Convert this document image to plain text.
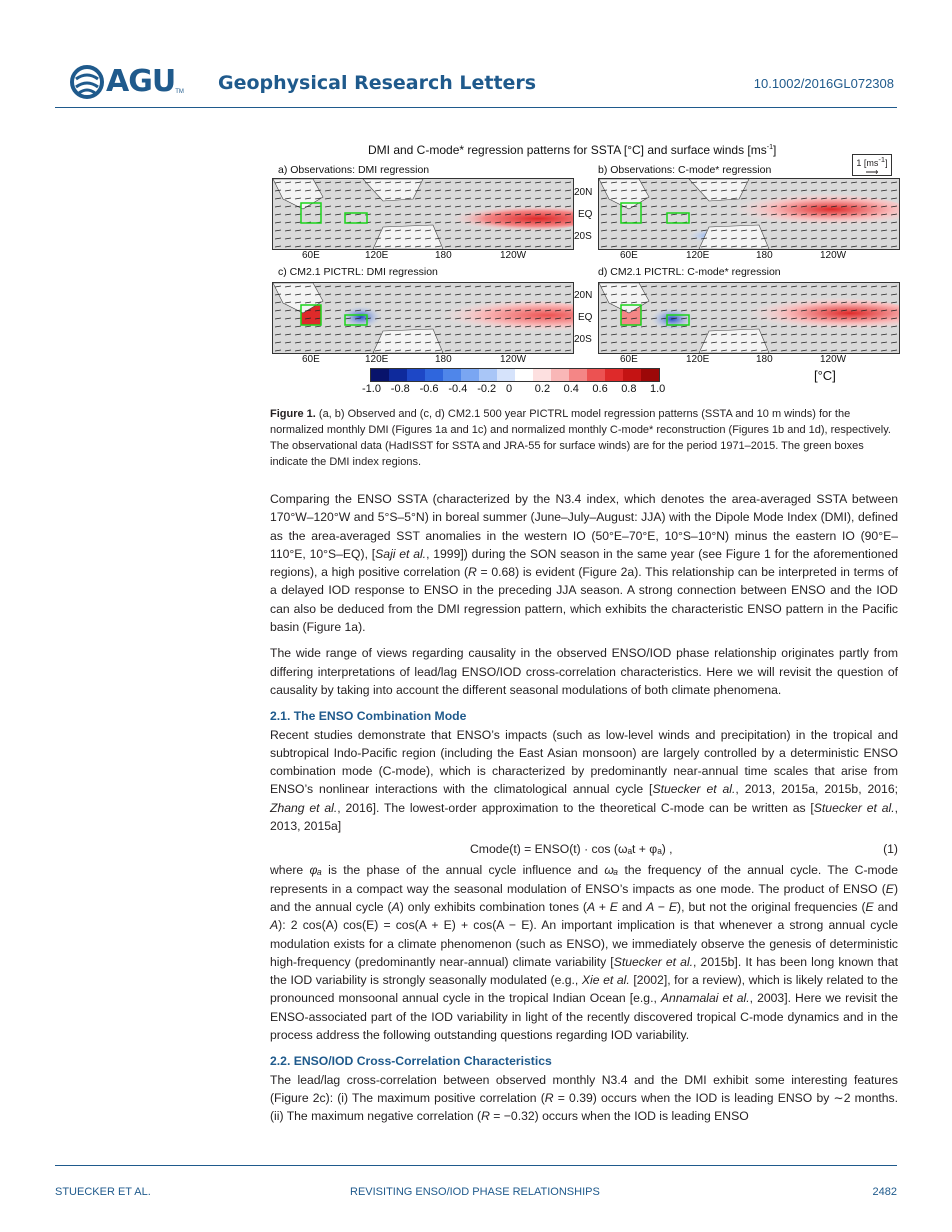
AGU TM Geophysical Research Letters	10.1002/2016GL072308
DMI and C-mode* regression patterns for SSTA [°C] and surface winds $[ms^{-1}]$
1 $[ms^{-1}]$
⟶
a) Observations: DMI regression	b) Observations: C-mode* regression
c) CM2.1 PICTRL: DMI regression	d) CM2.1 PICTRL: C-mode* regression
20N
EQ
20S
20N
EQ
20S
60E	120E	180	120W	60E	120E	180	120W
60E	120E	180	120W	60E	120E	180	120W
[°C]
-1.0 -0.8 -0.6 -0.4 -0.2 0 0.2 0.4 0.6 0.8 1.0
Figure 1. (a, b) Observed and (c, d) CM2.1 500 year PICTRL model regression patterns (SSTA and 10 m winds) for the normalized monthly DMI (Figures 1a and 1c) and normalized monthly C-mode* reconstruction (Figures 1b and 1d), respectively. The observational data (HadISST for SSTA and JRA-55 for surface winds) are for the period 1971–2015. The green boxes indicate the DMI index regions.

Comparing the ENSO SSTA (characterized by the N3.4 index, which denotes the area-averaged SSTA between 170°W–120°W and 5°S–5°N) in boreal summer (June–July–August: JJA) with the Dipole Mode Index (DMI), defined as the area-averaged SST anomalies in the western IO (50°E–70°E, 10°S–10°N) minus the eastern IO (90°E–110°E, 10°S–EQ), [Saji et al., 1999]) during the SON season in the same year (see Figure 1 for the aforementioned regions), a high positive correlation (R = 0.68) is evident (Figure 2a). This relationship can be interpreted in terms of a delayed IOD response to ENSO in the preceding JJA season. A strong connection between ENSO and the IOD can also be deduced from the DMI regression pattern, which exhibits the characteristic ENSO pattern in the Pacific basin (Figure 1a).

The wide range of views regarding causality in the observed ENSO/IOD phase relationship originates partly from differing interpretations of lead/lag ENSO/IOD cross-correlation characteristics. Here we will revisit the question of causality by taking into account the different seasonal modulations of both climate phenomena.

2.1. The ENSO Combination Mode

Recent studies demonstrate that ENSO’s impacts (such as low-level winds and precipitation) in the tropical and subtropical Indo-Pacific region (including the East Asian monsoon) are largely controlled by a deterministic ENSO combination mode (C-mode), which is characterized by predominantly near-annual time scales that arise from ENSO’s nonlinear interactions with the climatological annual cycle [Stuecker et al., 2013, 2015a, 2015b, 2016; Zhang et al., 2016]. The lowest-order approximation to the theoretical C-mode can be written as [Stuecker et al., 2013, 2015a]

Cmode(t) = ENSO(t) · cos (ωₐt + φₐ) ,	(1)

where φₐ is the phase of the annual cycle influence and ωₐ the frequency of the annual cycle. The C-mode represents in a compact way the seasonal modulation of ENSO’s impacts as one mode. The product of ENSO (E) and the annual cycle (A) only exhibits combination tones (A + E and A − E), but not the original frequencies (E and A): 2 cos(A) cos(E) = cos(A + E) + cos(A − E). An important implication is that whenever a strong annual cycle modulation exists for a climate phenomenon (such as ENSO), we immediately observe the genesis of deterministic high-frequency (predominantly near-annual) climate variability [Stuecker et al., 2015b]. It has been long known that the IOD variability is strongly seasonally modulated (e.g., Xie et al. [2002], for a review), which is likely related to the pronounced monsoonal annual cycle in the tropical Indian Ocean [e.g., Annamalai et al., 2003]. Here we revisit the ENSO-associated part of the IOD variability in light of the recently discovered tropical C-mode dynamics and in the process address the following outstanding questions regarding IOD variability.

2.2. ENSO/IOD Cross-Correlation Characteristics

The lead/lag cross-correlation between observed monthly N3.4 and the DMI exhibit some interesting features (Figure 2c): (i) The maximum positive correlation (R = 0.39) occurs when the IOD is leading ENSO by ∼2 months. (ii) The maximum negative correlation (R = −0.32) occurs when the IOD is leading ENSO

STUECKER ET AL.	REVISITING ENSO/IOD PHASE RELATIONSHIPS	2482
